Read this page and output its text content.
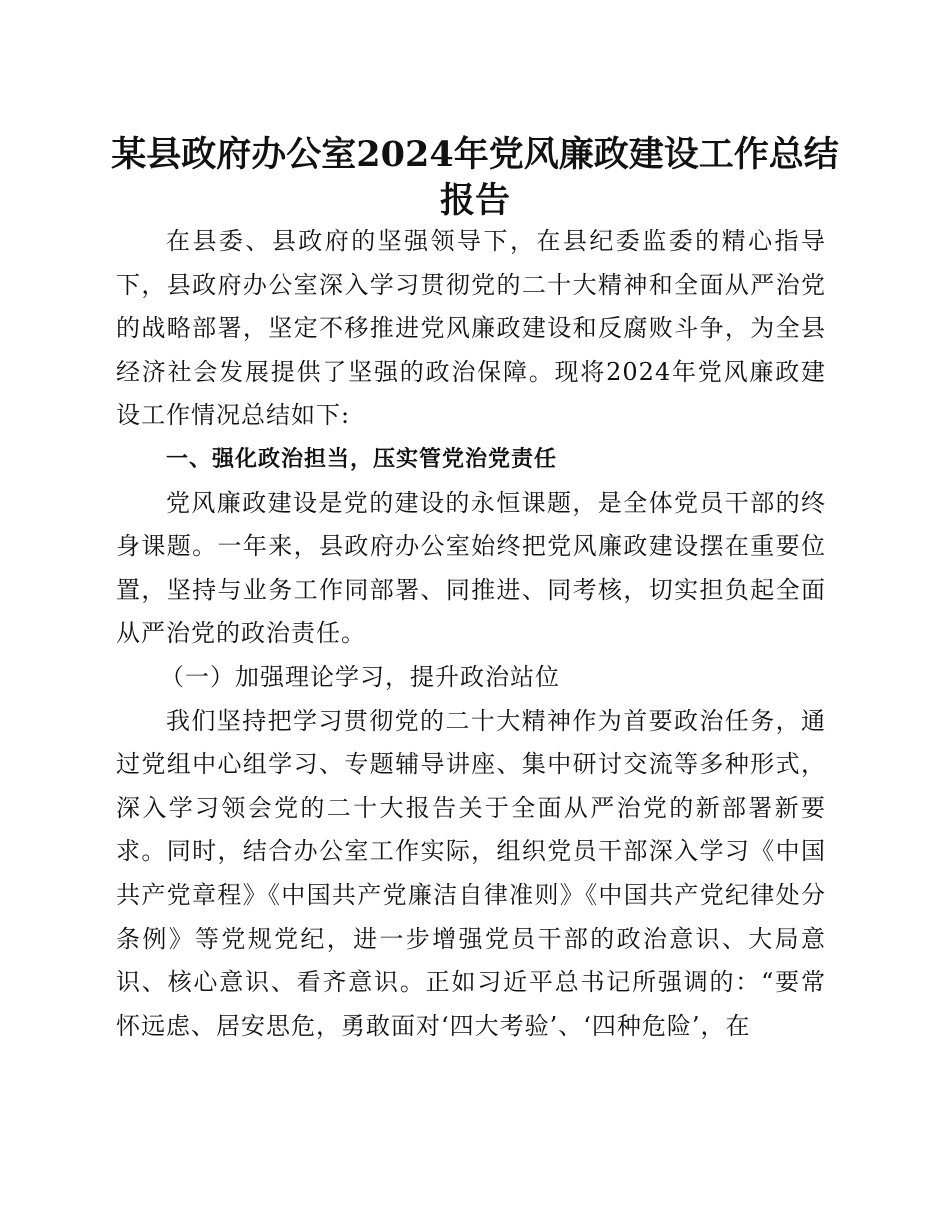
某县政府办公室2024年党风廉政建设工作总结报告

在县委、县政府的坚强领导下，在县纪委监委的精心指导下，县政府办公室深入学习贯彻党的二十大精神和全面从严治党的战略部署，坚定不移推进党风廉政建设和反腐败斗争，为全县经济社会发展提供了坚强的政治保障。现将2024年党风廉政建设工作情况总结如下:

一、强化政治担当，压实管党治党责任

党风廉政建设是党的建设的永恒课题，是全体党员干部的终身课题。一年来，县政府办公室始终把党风廉政建设摆在重要位置，坚持与业务工作同部署、同推进、同考核，切实担负起全面从严治党的政治责任。

（一）加强理论学习，提升政治站位

我们坚持把学习贯彻党的二十大精神作为首要政治任务，通过党组中心组学习、专题辅导讲座、集中研讨交流等多种形式，深入学习领会党的二十大报告关于全面从严治党的新部署新要求。同时，结合办公室工作实际，组织党员干部深入学习《中国共产党章程》《中国共产党廉洁自律准则》《中国共产党纪律处分条例》等党规党纪，进一步增强党员干部的政治意识、大局意识、核心意识、看齐意识。正如习近平总书记所强调的：“要常怀远虑、居安思危，勇敢面对‘四大考验’、‘四种危险’，在
